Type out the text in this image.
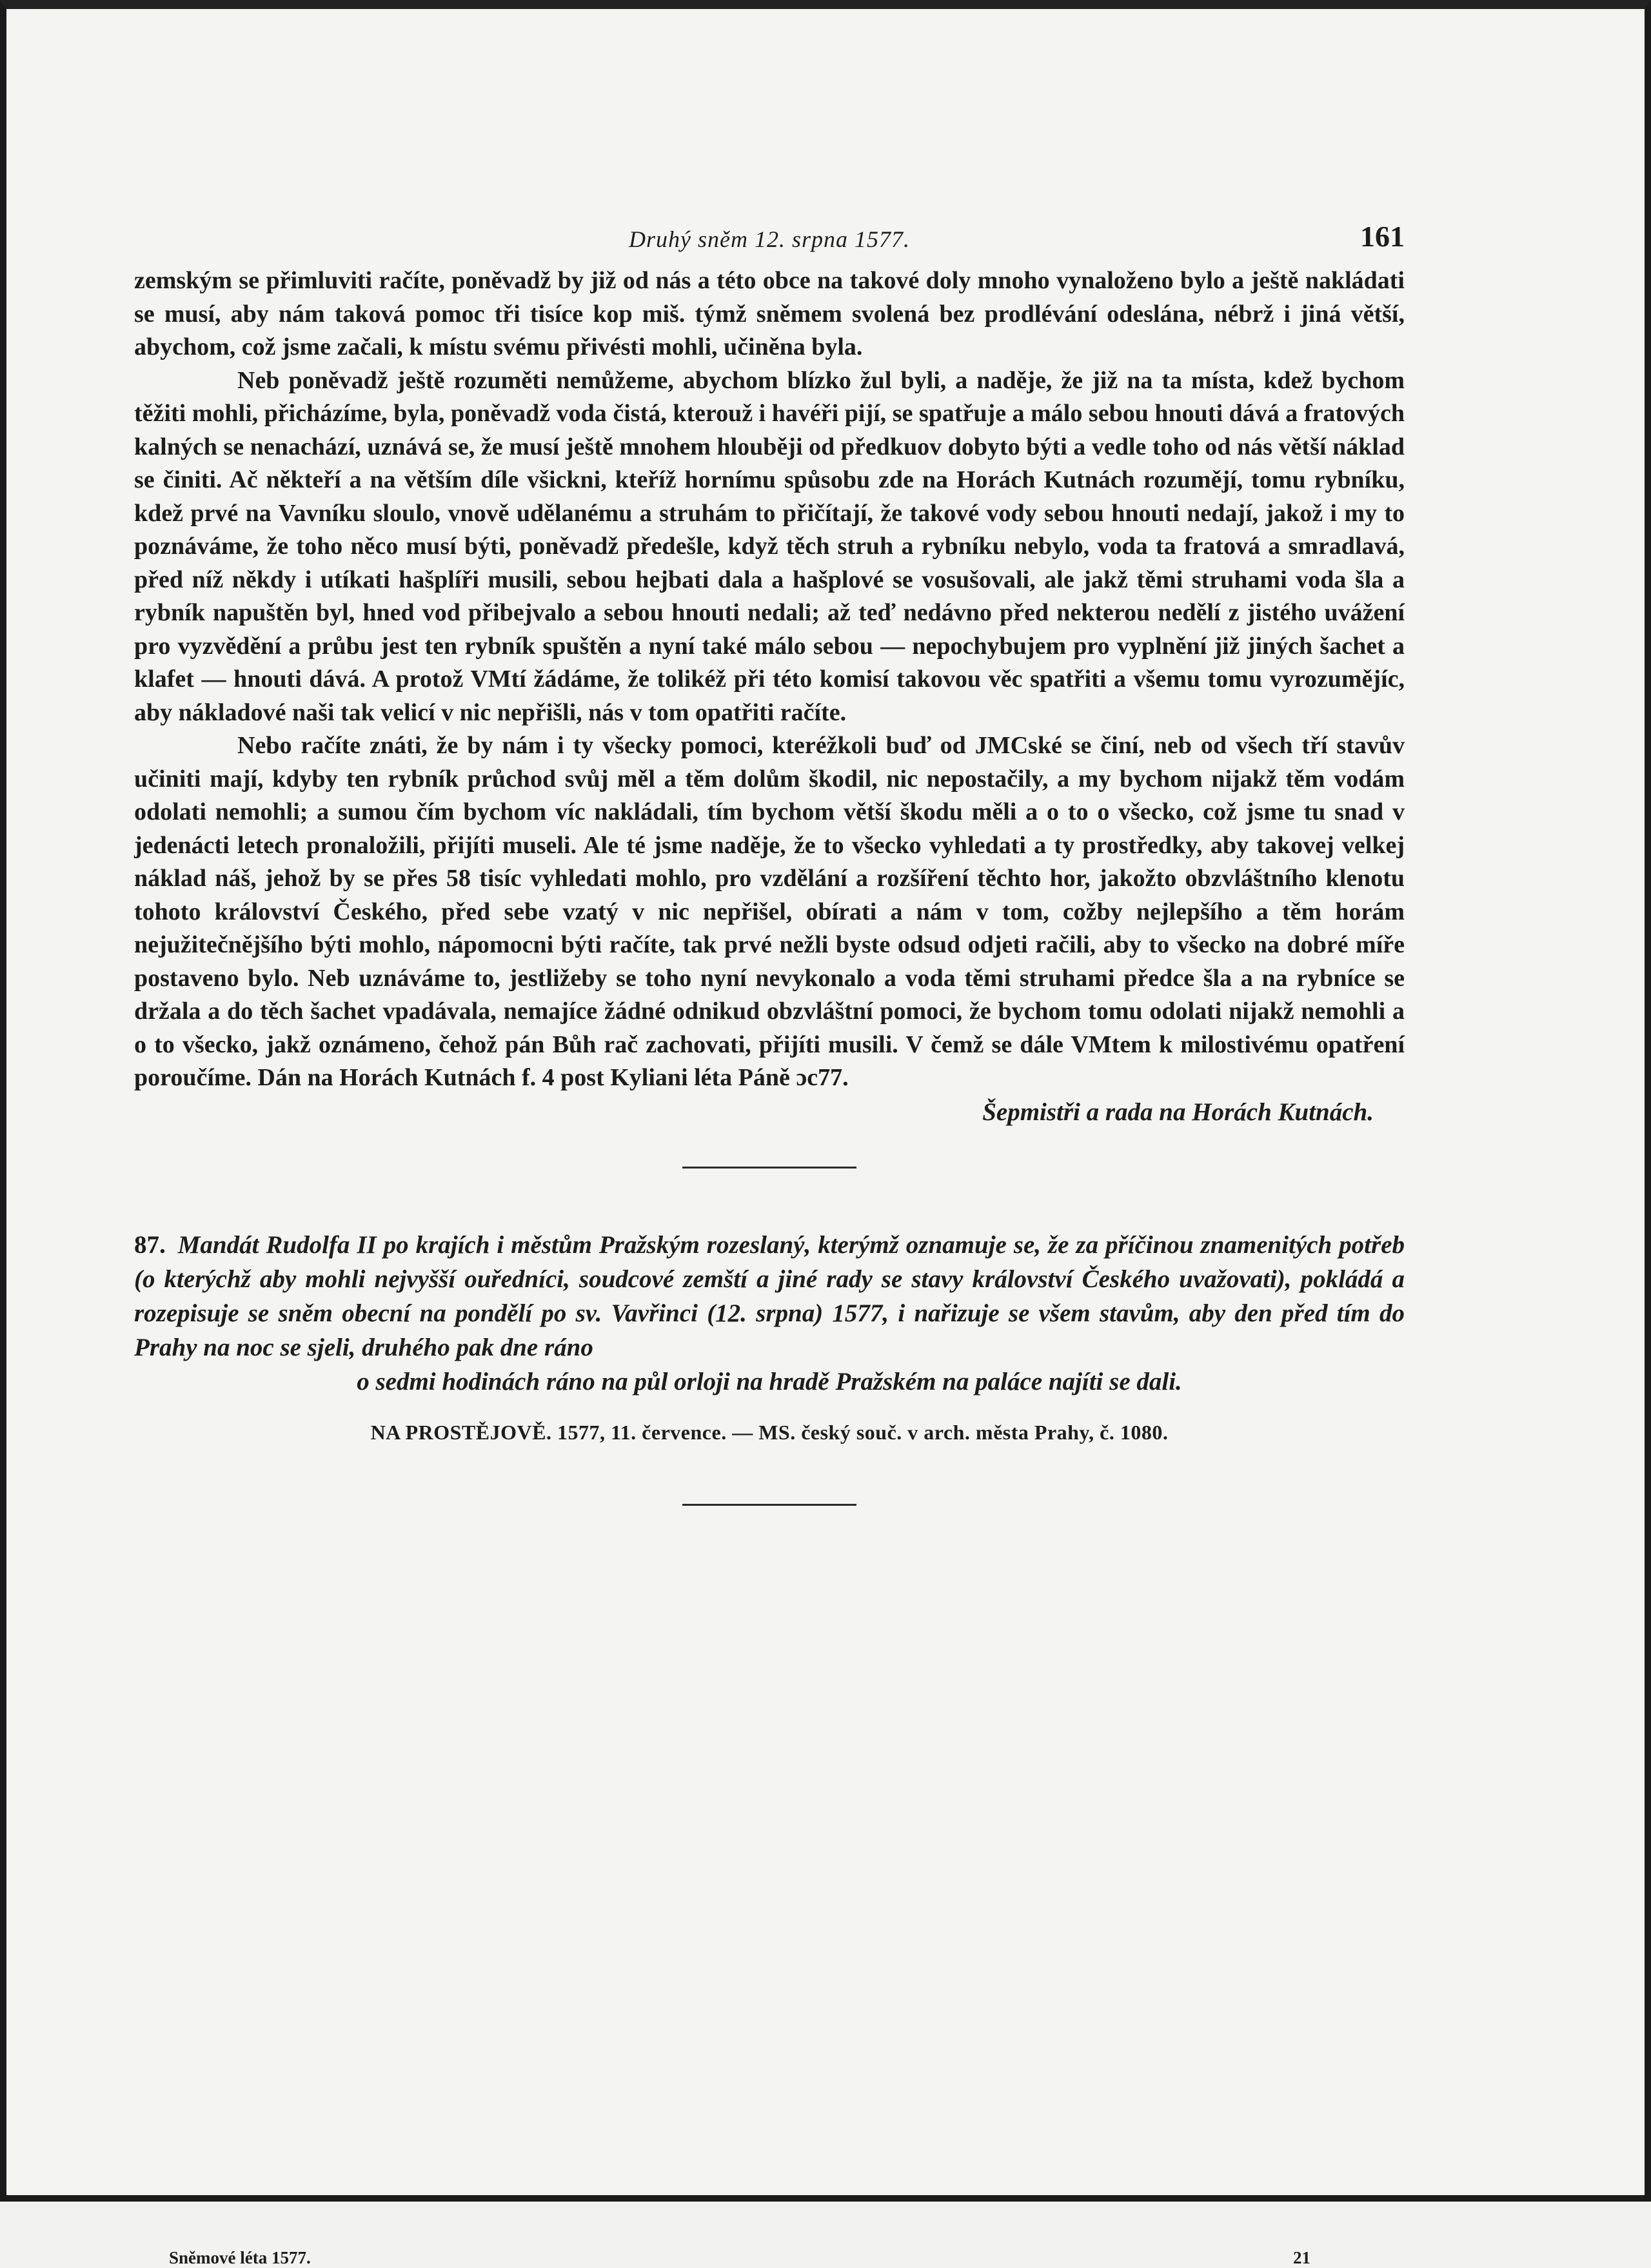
Druhý sněm 12. srpna 1577.	161

zemským se přimluviti račíte, poněvadž by již od nás a této obce na takové doly mnoho vynaloženo bylo a ještě nakládati se musí, aby nám taková pomoc tři tisíce kop miš. týmž sněmem svolená bez prodlévání odeslána, nébrž i jiná větší, abychom, což jsme začali, k místu svému přivésti mohli, učiněna byla.

Neb poněvadž ještě rozuměti nemůžeme, abychom blízko žul byli, a naděje, že již na ta místa, kdež bychom těžiti mohli, přicházíme, byla, poněvadž voda čistá, kterouž i havéři pijí, se spatřuje a málo sebou hnouti dává a fratových kalných se nenachází, uznává se, že musí ještě mnohem hlouběji od předkuov dobyto býti a vedle toho od nás větší náklad se činiti. Ač někteří a na větším díle všickni, kteříž hornímu spůsobu zde na Horách Kutnách rozumějí, tomu rybníku, kdež prvé na Vavníku sloulo, vnově udělanému a struhám to přičítají, že takové vody sebou hnouti nedají, jakož i my to poznáváme, že toho něco musí býti, poněvadž předešle, když těch struh a rybníku nebylo, voda ta fratová a smradlavá, před níž někdy i utíkati hašplíři musili, sebou hejbati dala a hašplové se vosušovali, ale jakž těmi struhami voda šla a rybník napuštěn byl, hned vod přibejvalo a sebou hnouti nedali; až teď nedávno před nekterou nedělí z jistého uvážení pro vyzvědění a průbu jest ten rybník spuštěn a nyní také málo sebou — nepochybujem pro vyplnění již jiných šachet a klafet — hnouti dává. A protož VMtí žádáme, že tolikéž při této komisí takovou věc spatřiti a všemu tomu vyrozumějíc, aby nákladové naši tak velicí v nic nepřišli, nás v tom opatřiti račíte.

Nebo račíte znáti, že by nám i ty všecky pomoci, kteréžkoli buď od JMCské se činí, neb od všech tří stavův učiniti mají, kdyby ten rybník průchod svůj měl a těm dolům škodil, nic nepostačily, a my bychom nijakž těm vodám odolati nemohli; a sumou čím bychom víc nakládali, tím bychom větší škodu měli a o to o všecko, což jsme tu snad v jedenácti letech pronaložili, přijíti museli. Ale té jsme naděje, že to všecko vyhledati a ty prostředky, aby takovej velkej náklad náš, jehož by se přes 58 tisíc vyhledati mohlo, pro vzdělání a rozšíření těchto hor, jakožto obzvláštního klenotu tohoto království Českého, před sebe vzatý v nic nepřišel, obírati a nám v tom, cožby nejlepšího a těm horám nejužitečnějšího býti mohlo, nápomocni býti račíte, tak prvé nežli byste odsud odjeti račili, aby to všecko na dobré míře postaveno bylo. Neb uznáváme to, jestližeby se toho nyní nevykonalo a voda těmi struhami předce šla a na rybníce se držala a do těch šachet vpadávala, nemajíce žádné odnikud obzvláštní pomoci, že bychom tomu odolati nijakž nemohli a o to všecko, jakž oznámeno, čehož pán Bůh rač zachovati, přijíti musili. V čemž se dále VMtem k milostivému opatření poroučíme. Dán na Horách Kutnách f. 4 post Kyliani léta Páně ɔc77.

Šepmistři a rada na Horách Kutnách.
87. Mandát Rudolfa II po krajích i městům Pražským rozeslaný, kterýmž oznamuje se, že za příčinou znamenitých potřeb (o kterýchž aby mohli nejvyšší ouředníci, soudcové zemští a jiné rady se stavy království Českého uvažovati), pokládá a rozepisuje se sněm obecní na pondělí po sv. Vavřinci (12. srpna) 1577, i nařizuje se všem stavům, aby den před tím do Prahy na noc se sjeli, druhého pak dne ráno
o sedmi hodinách ráno na půl orloji na hradě Pražském na paláce najíti se dali.
NA PROSTĚJOVĚ. 1577, 11. července. — MS. český souč. v arch. města Prahy, č. 1080.
Sněmové léta 1577.	21
